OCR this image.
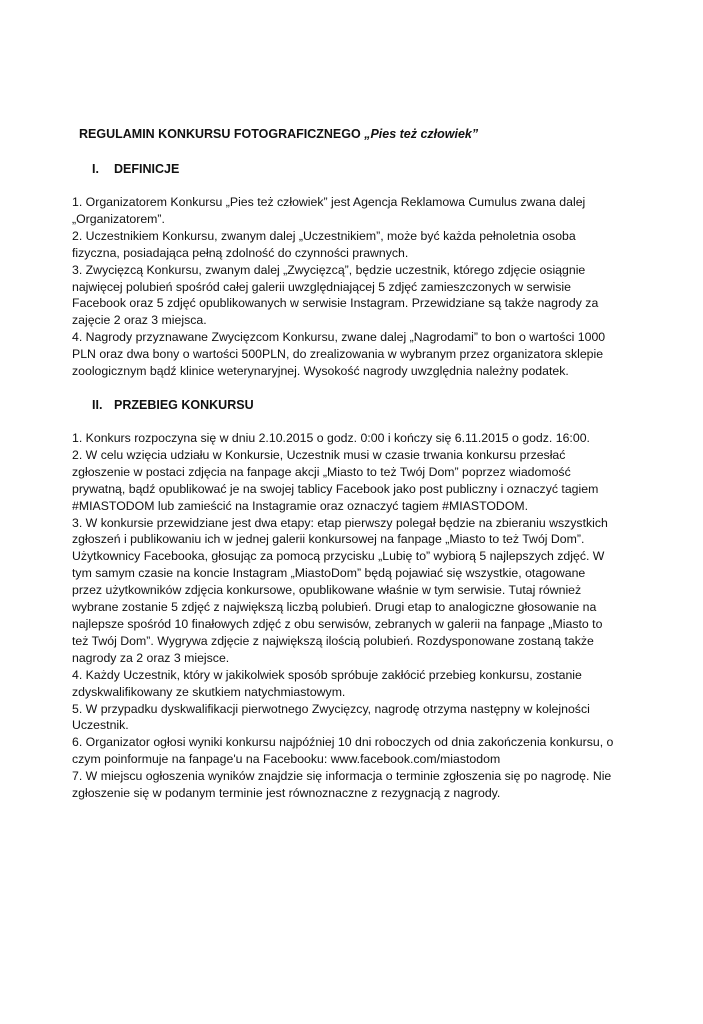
REGULAMIN KONKURSU FOTOGRAFICZNEGO „Pies też człowiek”
I. DEFINICJE

1. Organizatorem Konkursu „Pies też człowiek” jest Agencja Reklamowa Cumulus zwana dalej
„Organizatorem”.

2. Uczestnikiem Konkursu, zwanym dalej „Uczestnikiem”, może być każda pełnoletnia osoba
fizyczna, posiadająca pełną zdolność do czynności prawnych.

3. Zwycięzcą Konkursu, zwanym dalej „Zwycięzcą”, będzie uczestnik, którego zdjęcie osiągnie
najwięcej polubień spośród całej galerii uwzględniającej 5 zdjęć zamieszczonych w serwisie
Facebook oraz 5 zdjęć opublikowanych w serwisie Instagram. Przewidziane są także nagrody za
zajęcie 2 oraz 3 miejsca.

4. Nagrody przyznawane Zwycięzcom Konkursu, zwane dalej „Nagrodami” to bon o wartości 1000
PLN oraz dwa bony o wartości 500PLN, do zrealizowania w wybranym przez organizatora sklepie
zoologicznym bądź klinice weterynaryjnej. Wysokość nagrody uwzględnia należny podatek.

II. PRZEBIEG KONKURSU

1. Konkurs rozpoczyna się w dniu 2.10.2015 o godz. 0:00 i kończy się 6.11.2015 o godz. 16:00.

2. W celu wzięcia udziału w Konkursie, Uczestnik musi w czasie trwania konkursu przesłać
zgłoszenie w postaci zdjęcia na fanpage akcji „Miasto to też Twój Dom” poprzez wiadomość
prywatną, bądź opublikować je na swojej tablicy Facebook jako post publiczny i oznaczyć tagiem
#MIASTODOM lub zamieścić na Instagramie oraz oznaczyć tagiem #MIASTODOM.

3. W konkursie przewidziane jest dwa etapy: etap pierwszy polegał będzie na zbieraniu wszystkich
zgłoszeń i publikowaniu ich w jednej galerii konkursowej na fanpage „Miasto to też Twój Dom”.
Użytkownicy Facebooka, głosując za pomocą przycisku „Lubię to” wybiorą 5 najlepszych zdjęć. W
tym samym czasie na koncie Instagram „MiastoDom” będą pojawiać się wszystkie, otagowane
przez użytkowników zdjęcia konkursowe, opublikowane właśnie w tym serwisie. Tutaj również
wybrane zostanie 5 zdjęć z największą liczbą polubień. Drugi etap to analogiczne głosowanie na
najlepsze spośród 10 finałowych zdjęć z obu serwisów, zebranych w galerii na fanpage „Miasto to
też Twój Dom”. Wygrywa zdjęcie z największą ilością polubień. Rozdysponowane zostaną także
nagrody za 2 oraz 3 miejsce.

4. Każdy Uczestnik, który w jakikolwiek sposób spróbuje zakłócić przebieg konkursu, zostanie
zdyskwalifikowany ze skutkiem natychmiastowym.

5. W przypadku dyskwalifikacji pierwotnego Zwycięzcy, nagrodę otrzyma następny w kolejności
Uczestnik.

6. Organizator ogłosi wyniki konkursu najpóźniej 10 dni roboczych od dnia zakończenia konkursu, o
czym poinformuje na fanpage'u na Facebooku: www.facebook.com/miastodom

7. W miejscu ogłoszenia wyników znajdzie się informacja o terminie zgłoszenia się po nagrodę. Nie
zgłoszenie się w podanym terminie jest równoznaczne z rezygnacją z nagrody.
